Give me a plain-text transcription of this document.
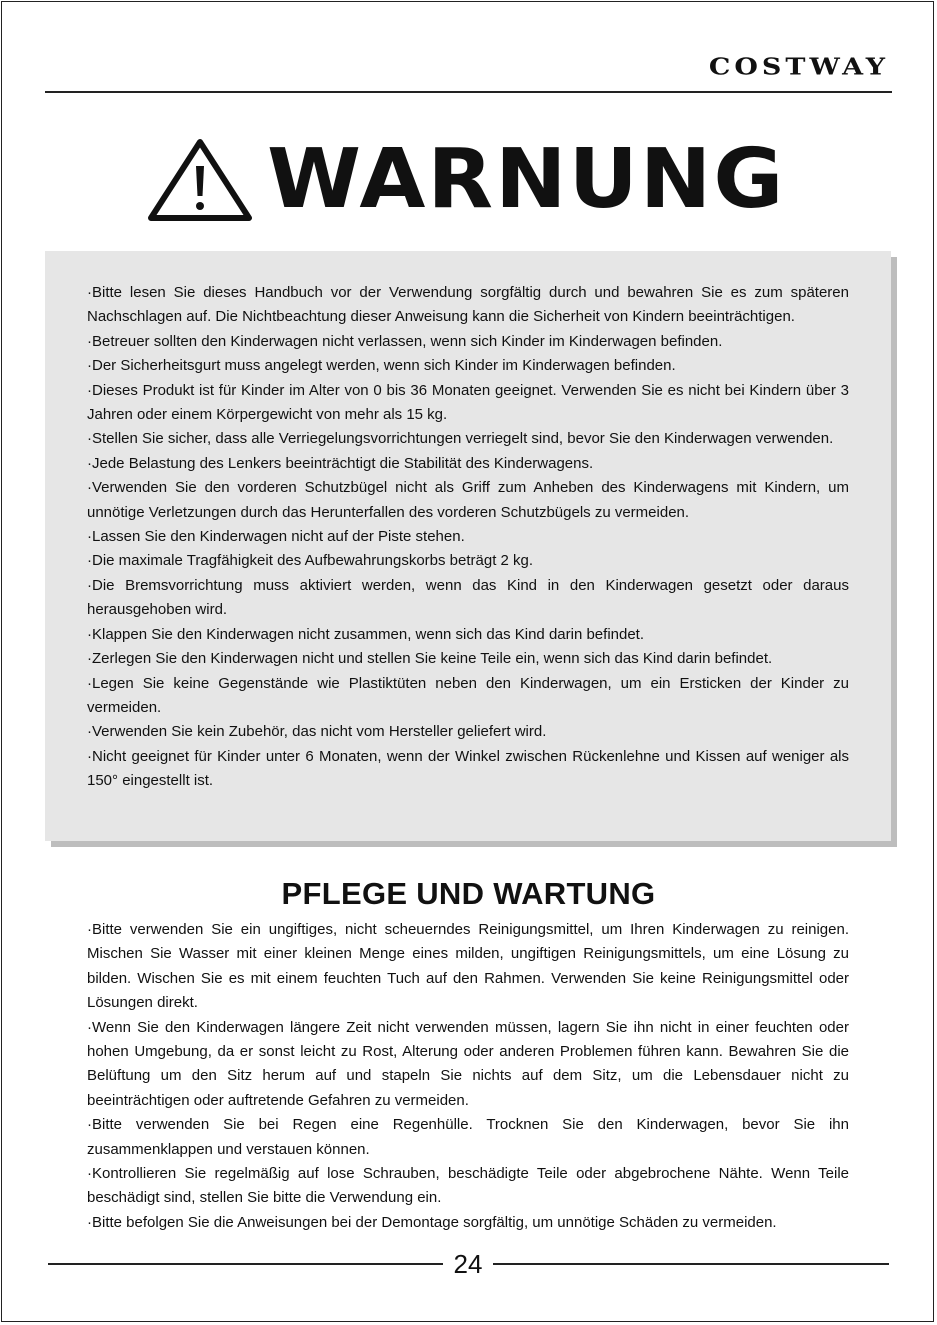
COSTWAY
WARNUNG

·Bitte lesen Sie dieses Handbuch vor der Verwendung sorgfältig durch und bewahren Sie es zum späteren Nachschlagen auf. Die Nichtbeachtung dieser Anweisung kann die Sicherheit von Kindern beeinträchtigen.

·Betreuer sollten den Kinderwagen nicht verlassen, wenn sich Kinder im Kinderwagen befinden.

·Der Sicherheitsgurt muss angelegt werden, wenn sich Kinder im Kinderwagen befinden.

·Dieses Produkt ist für Kinder im Alter von 0 bis 36 Monaten geeignet. Verwenden Sie es nicht bei Kindern über 3 Jahren oder einem Körpergewicht von mehr als 15 kg.

·Stellen Sie sicher, dass alle Verriegelungsvorrichtungen verriegelt sind, bevor Sie den Kinderwagen verwenden.

·Jede Belastung des Lenkers beeinträchtigt die Stabilität des Kinderwagens.

·Verwenden Sie den vorderen Schutzbügel nicht als Griff zum Anheben des Kinderwagens mit Kindern, um unnötige Verletzungen durch das Herunterfallen des vorderen Schutzbügels zu vermeiden.

·Lassen Sie den Kinderwagen nicht auf der Piste stehen.

·Die maximale Tragfähigkeit des Aufbewahrungskorbs beträgt 2 kg.

·Die Bremsvorrichtung muss aktiviert werden, wenn das Kind in den Kinderwagen gesetzt oder daraus herausgehoben wird.

·Klappen Sie den Kinderwagen nicht zusammen, wenn sich das Kind darin befindet.

·Zerlegen Sie den Kinderwagen nicht und stellen Sie keine Teile ein, wenn sich das Kind darin befindet.

·Legen Sie keine Gegenstände wie Plastiktüten neben den Kinderwagen, um ein Ersticken der Kinder zu vermeiden.

·Verwenden Sie kein Zubehör, das nicht vom Hersteller geliefert wird.

·Nicht geeignet für Kinder unter 6 Monaten, wenn der Winkel zwischen Rückenlehne und Kissen auf weniger als 150° eingestellt ist.

PFLEGE UND WARTUNG

·Bitte verwenden Sie ein ungiftiges, nicht scheuerndes Reinigungsmittel, um Ihren Kinderwagen zu reinigen. Mischen Sie Wasser mit einer kleinen Menge eines milden, ungiftigen Reinigungsmittels, um eine Lösung zu bilden. Wischen Sie es mit einem feuchten Tuch auf den Rahmen. Verwenden Sie keine Reinigungsmittel oder Lösungen direkt.

·Wenn Sie den Kinderwagen längere Zeit nicht verwenden müssen, lagern Sie ihn nicht in einer feuchten oder hohen Umgebung, da er sonst leicht zu Rost, Alterung oder anderen Problemen führen kann. Bewahren Sie die Belüftung um den Sitz herum auf und stapeln Sie nichts auf dem Sitz, um die Lebensdauer nicht zu beeinträchtigen oder auftretende Gefahren zu vermeiden.

·Bitte verwenden Sie bei Regen eine Regenhülle. Trocknen Sie den Kinderwagen, bevor Sie ihn zusammenklappen und verstauen können.

·Kontrollieren Sie regelmäßig auf lose Schrauben, beschädigte Teile oder abgebrochene Nähte. Wenn Teile beschädigt sind, stellen Sie bitte die Verwendung ein.

·Bitte befolgen Sie die Anweisungen bei der Demontage sorgfältig, um unnötige Schäden zu vermeiden.

24
